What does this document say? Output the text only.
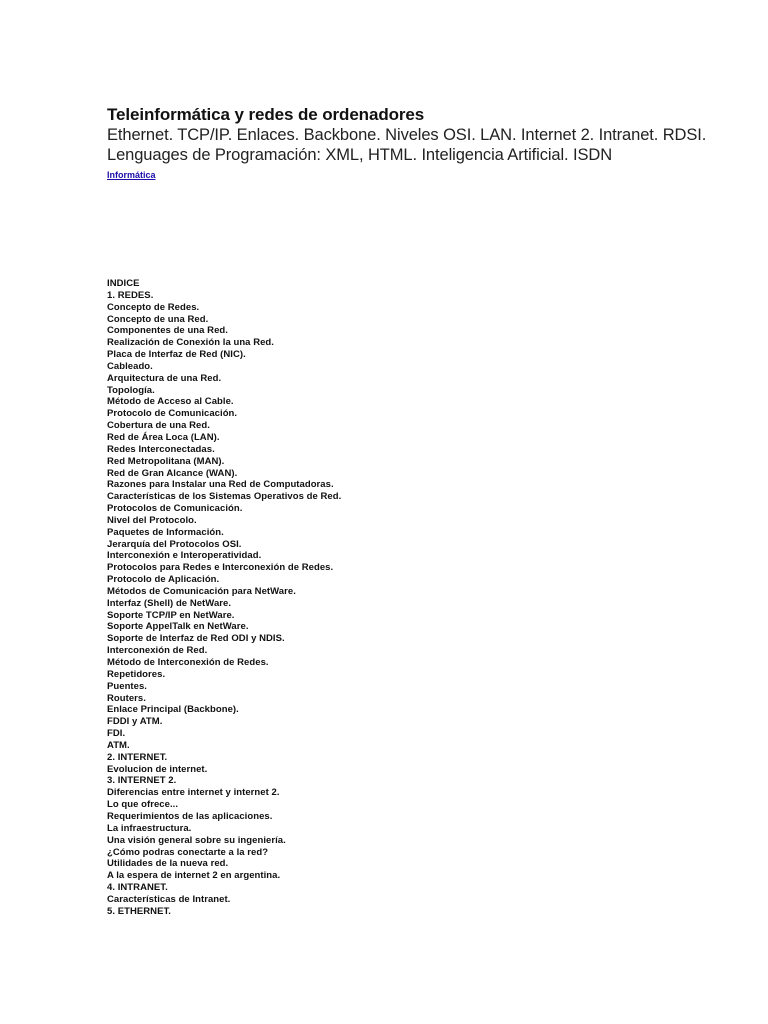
Teleinformática y redes de ordenadores

Ethernet. TCP/IP. Enlaces. Backbone. Niveles OSI. LAN. Internet 2. Intranet. RDSI. Lenguages de Programación: XML, HTML. Inteligencia Artificial. ISDN

Informática
INDICE
1. REDES.
Concepto de Redes.
Concepto de una Red.
Componentes de una Red.
Realización de Conexión la una Red.
Placa de Interfaz de Red (NIC).
Cableado.
Arquitectura de una Red.
Topología.
Método de Acceso al Cable.
Protocolo de Comunicación.
Cobertura de una Red.
Red de Área Loca (LAN).
Redes Interconectadas.
Red Metropolitana (MAN).
Red de Gran Alcance (WAN).
Razones para Instalar una Red de Computadoras.
Características de los Sistemas Operativos de Red.
Protocolos de Comunicación.
Nivel del Protocolo.
Paquetes de Información.
Jerarquía del Protocolos OSI.
Interconexión e Interoperatividad.
Protocolos para Redes e Interconexión de Redes.
Protocolo de Aplicación.
Métodos de Comunicación para NetWare.
Interfaz (Shell) de NetWare.
Soporte TCP/IP en NetWare.
Soporte AppelTalk en NetWare.
Soporte de Interfaz de Red ODI y NDIS.
Interconexión de Red.
Método de Interconexión de Redes.
Repetidores.
Puentes.
Routers.
Enlace Principal (Backbone).
FDDI y ATM.
FDI.
ATM.
2. INTERNET.
Evolucion de internet.
3. INTERNET 2.
Diferencias entre internet y internet 2.
Lo que ofrece...
Requerimientos de las aplicaciones.
La infraestructura.
Una visión general sobre su ingeniería.
¿Cómo podras conectarte a la red?
Utilidades de la nueva red.
A la espera de internet 2 en argentina.
4. INTRANET.
Características de Intranet.
5. ETHERNET.
